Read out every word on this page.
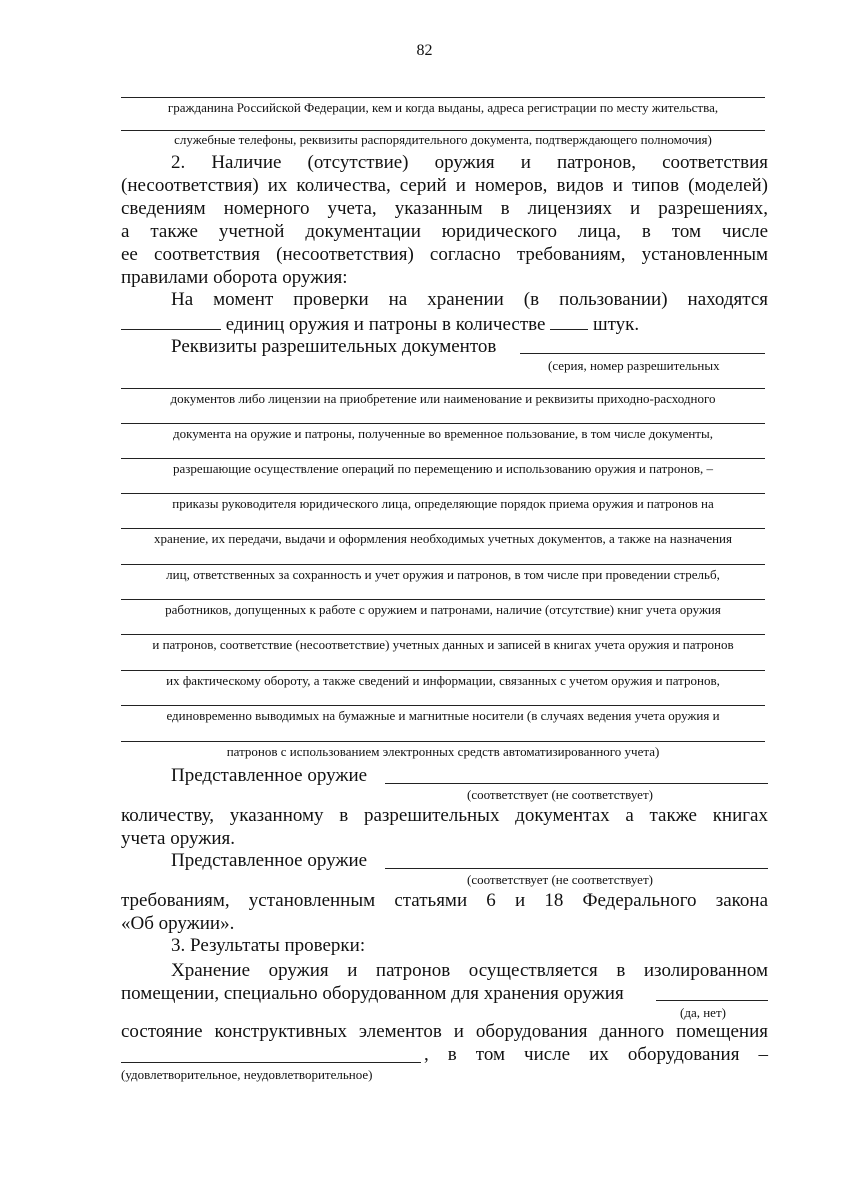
82
гражданина Российской Федерации, кем и когда выданы, адреса регистрации по месту жительства,
служебные телефоны, реквизиты распорядительного документа, подтверждающего полномочия)
2. Наличие (отсутствие) оружия и патронов, соответствия
(несоответствия) их количества, серий и номеров, видов и типов (моделей)
сведениям номерного учета, указанным в лицензиях и разрешениях,
а также учетной документации юридического лица, в том числе
ее соответствия (несоответствия) согласно требованиям, установленным
правилами оборота оружия:
На момент проверки на хранении (в пользовании) находятся
единиц оружия и патроны в количестве	штук.
Реквизиты разрешительных документов
(серия, номер разрешительных
документов либо лицензии на приобретение или наименование и реквизиты приходно-расходного
документа на оружие и патроны, полученные во временное пользование, в том числе документы,
разрешающие осуществление операций по перемещению и использованию оружия и патронов, –
приказы руководителя юридического лица, определяющие порядок приема оружия и патронов на
хранение, их передачи, выдачи и оформления необходимых учетных документов, а также на назначения
лиц, ответственных за сохранность и учет оружия и патронов, в том числе при проведении стрельб,
работников, допущенных к работе с оружием и патронами, наличие (отсутствие) книг учета оружия
и патронов, соответствие (несоответствие) учетных данных и записей в книгах учета оружия и патронов
их фактическому обороту, а также сведений и информации, связанных с учетом оружия и патронов,
единовременно выводимых на бумажные и магнитные носители (в случаях ведения учета оружия и
патронов с использованием электронных средств автоматизированного учета)
Представленное оружие
(соответствует (не соответствует)
количеству, указанному в разрешительных документах а также книгах
учета оружия.
Представленное оружие
(соответствует (не соответствует)
требованиям, установленным статьями 6 и 18 Федерального закона
«Об оружии».
3. Результаты проверки:
Хранение оружия и патронов осуществляется в изолированном
помещении, специально оборудованном для хранения оружия
(да, нет)
состояние конструктивных элементов и оборудования данного помещения
, в том числе их оборудования –
(удовлетворительное, неудовлетворительное)
